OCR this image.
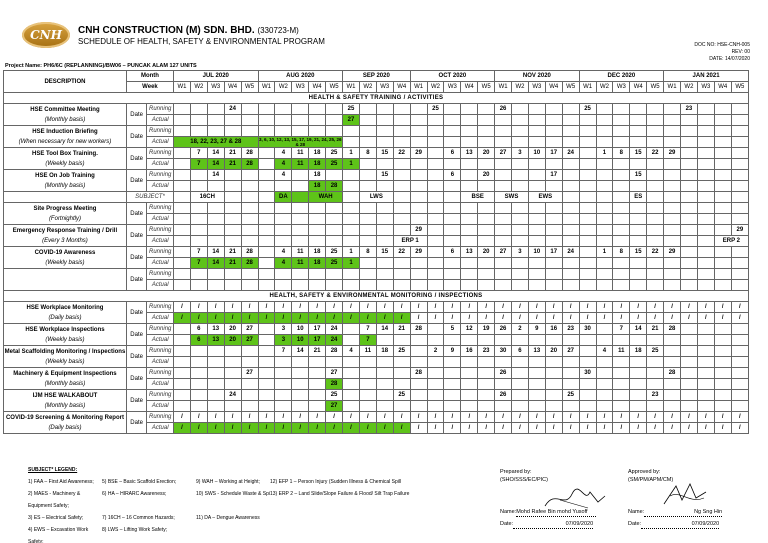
CNH	CNH CONSTRUCTION (M) SDN. BHD. (330723-M)
SCHEDULE OF HEALTH, SAFETY & ENVIRONMENTAL PROGRAM	DOC NO: HSE-CNH-005
REV: 00
DATE: 14/07/2020
Project Name: PH6/6C (REPLANNING)/BW06 – PUNCAK ALAM 127 UNITS
DESCRIPTION	Month		JUL 2020					AUG 2020					SEP 2020				OCT 2020					NOV 2020					DEC 2020					JAN 2021				
	Week		W1	W2	W3	W4	W5	W1	W2	W3	W4	W5	W1	W2	W3	W4	W1	W2	W3	W4	W5	W1	W2	W3	W4	W5	W1	W2	W3	W4	W5	W1	W2	W3	W4	W5
HEALTH & SAFETY TRAINING / ACTIVITIES																																				

HSE Committee Meeting
(Monthly basis)	Date	Running				24							25					25				26					25						23			
		Actual											27																							

HSE Induction Briefing
(When necessary for new workers)	Date	Running																																		
		Actual	18, 22, 23, 27 & 28					3, 6, 10, 12, 13, 15, 17, 19, 21, 24, 25, 26 & 28																												

HSE Tool Box Training.
(Weekly basis)	Date	Running		7	14	21	28		4	11	18	25	1	8	15	22	29		6	13	20	27	3	10	17	24		1	8	15	22	29				
		Actual		7	14	21	28		4	11	18	25	1																							

HSE On Job Training
(Monthly basis)	Date	Running			14				4		18				15				6		20				17					15						
		Actual									18	28																								
	SUBJECT*			16CH					DA		WAH			LWS						BSE		SWS		EWS						ES						

Site Progress Meeting
(Fortnightly)	Date	Running																																		
		Actual																																		

Emergency Response Training / Drill
(Every 3 Months)	Date	Running															29																			29
		Actual														ERP 1																			ERP 2	

COVID-19 Awareness
(Weekly basis)	Date	Running		7	14	21	28		4	11	18	25	1	8	15	22	29		6	13	20	27	3	10	17	24		1	8	15	22	29				
		Actual		7	14	21	28		4	11	18	25	1																							
	Date	Running																																		
		Actual																																		
HEALTH, SAFETY & ENVIRONMENTAL MONITORING / INSPECTIONS																																				

HSE Workplace Monitoring
(Daily basis)	Date	Running	/	/	/	/	/	/	/	/	/	/	/	/	/	/	/	/	/	/	/	/	/	/	/	/	/	/	/	/	/	/	/	/	/	/
		Actual	/	/	/	/	/	/	/	/	/	/	/	/	/	/	/	/	/	/	/	/	/	/	/	/	/	/	/	/	/	/	/	/	/	/

HSE Workplace Inspections
(Weekly basis)	Date	Running		6	13	20	27		3	10	17	24		7	14	21	28		5	12	19	26	2	9	16	23	30		7	14	21	28				
		Actual		6	13	20	27		3	10	17	24		7																						

Metal Scaffolding Monitoring / Inspections
(Weekly basis)	Date	Running							7	14	21	28	4	11	18	25		2	9	16	23	30	6	13	20	27		4	11	18	25					
		Actual																																		

Machinery & Equipment Inspections
(Monthly basis)	Date	Running					27					27					28					26					30					28				
		Actual										28																								

IJM HSE WALKABOUT
(Monthly basis)	Date	Running				24						25				25						26				25					23					
		Actual										27																								

COVID-19 Screening & Monitoring Report
(Daily basis)	Date	Running	/	/	/	/	/	/	/	/	/	/	/	/	/	/	/	/	/	/	/	/	/	/	/	/	/	/	/	/	/	/	/	/	/	/
		Actual	/	/	/	/	/	/	/	/	/	/	/	/	/	/	/	/	/	/	/	/	/	/	/	/	/	/	/	/	/	/	/	/	/	/
SUBJECT* LEGEND:
1) FAA – First Aid Awareness;	5) BSE – Basic Scaffold Erection;	9) WAH – Working at Height;	12) EFP 1 – Person Injury (Sudden Illness & Chemical Spill
2) MAES - Machinery & Equipment Safety;
6) HA – HIRARC Awareness;	10) SWS - Schedule Waste & Spi 13) ERP 2 – Land Slide/Slope Failure & Flood/ Silt Trap Failure
3) ES – Electrical Safety;	7) 16CH – 16 Common Hazards;	11) DA – Dengue Awareness
4) EWS – Excavation Work Safety;
8) LWS – Lifting Work Safety;
Prepared by:
(SHO/SSS/EC/PIC)
Name:Mohd Rafee Bin mohd Yusoff
Date:	07/09/2020
Approved by:
(SM/PM/APM/CM)
Name:	Ng Sng Hin
Date:	07/09/2020
